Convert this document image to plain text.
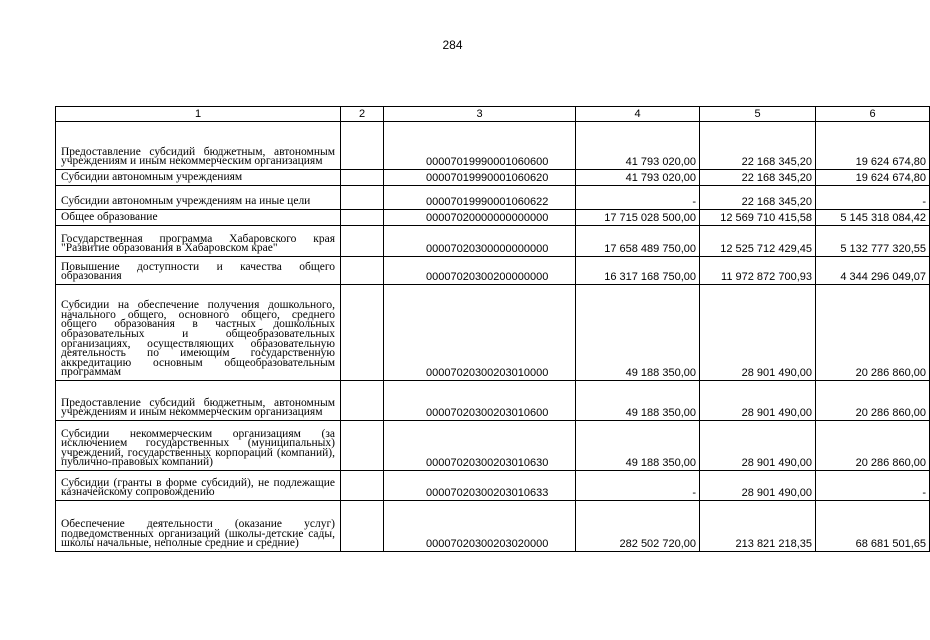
284
1	2	3	4	5	6
Предоставление субсидий бюджетным, автономным учреждениям и иным некоммерческим организациям		00007019990001060600	41 793 020,00	22 168 345,20	19 624 674,80
Субсидии автономным учреждениям		00007019990001060620	41 793 020,00	22 168 345,20	19 624 674,80
Субсидии автономным учреждениям на иные цели		00007019990001060622	-	22 168 345,20	-
Общее образование		00007020000000000000	17 715 028 500,00	12 569 710 415,58	5 145 318 084,42
Государственная программа Хабаровского края "Развитие образования в Хабаровском крае"		00007020300000000000	17 658 489 750,00	12 525 712 429,45	5 132 777 320,55
Повышение доступности и качества общего образования		00007020300200000000	16 317 168 750,00	11 972 872 700,93	4 344 296 049,07
Субсидии на обеспечение получения дошкольного, начального общего, основного общего, среднего общего образования в частных дошкольных образовательных и общеобразовательных организациях, осуществляющих образовательную деятельность по имеющим государственную аккредитацию основным общеобразовательным программам		00007020300203010000	49 188 350,00	28 901 490,00	20 286 860,00
Предоставление субсидий бюджетным, автономным учреждениям и иным некоммерческим организациям		00007020300203010600	49 188 350,00	28 901 490,00	20 286 860,00
Субсидии некоммерческим организациям (за исключением государственных (муниципальных) учреждений, государственных корпораций (компаний), публично-правовых компаний)		00007020300203010630	49 188 350,00	28 901 490,00	20 286 860,00
Субсидии (гранты в форме субсидий), не подлежащие казначейскому сопровождению		00007020300203010633	-	28 901 490,00	-
Обеспечение деятельности (оказание услуг) подведомственных организаций (школы-детские сады, школы начальные, неполные средние и средние)		00007020300203020000	282 502 720,00	213 821 218,35	68 681 501,65
